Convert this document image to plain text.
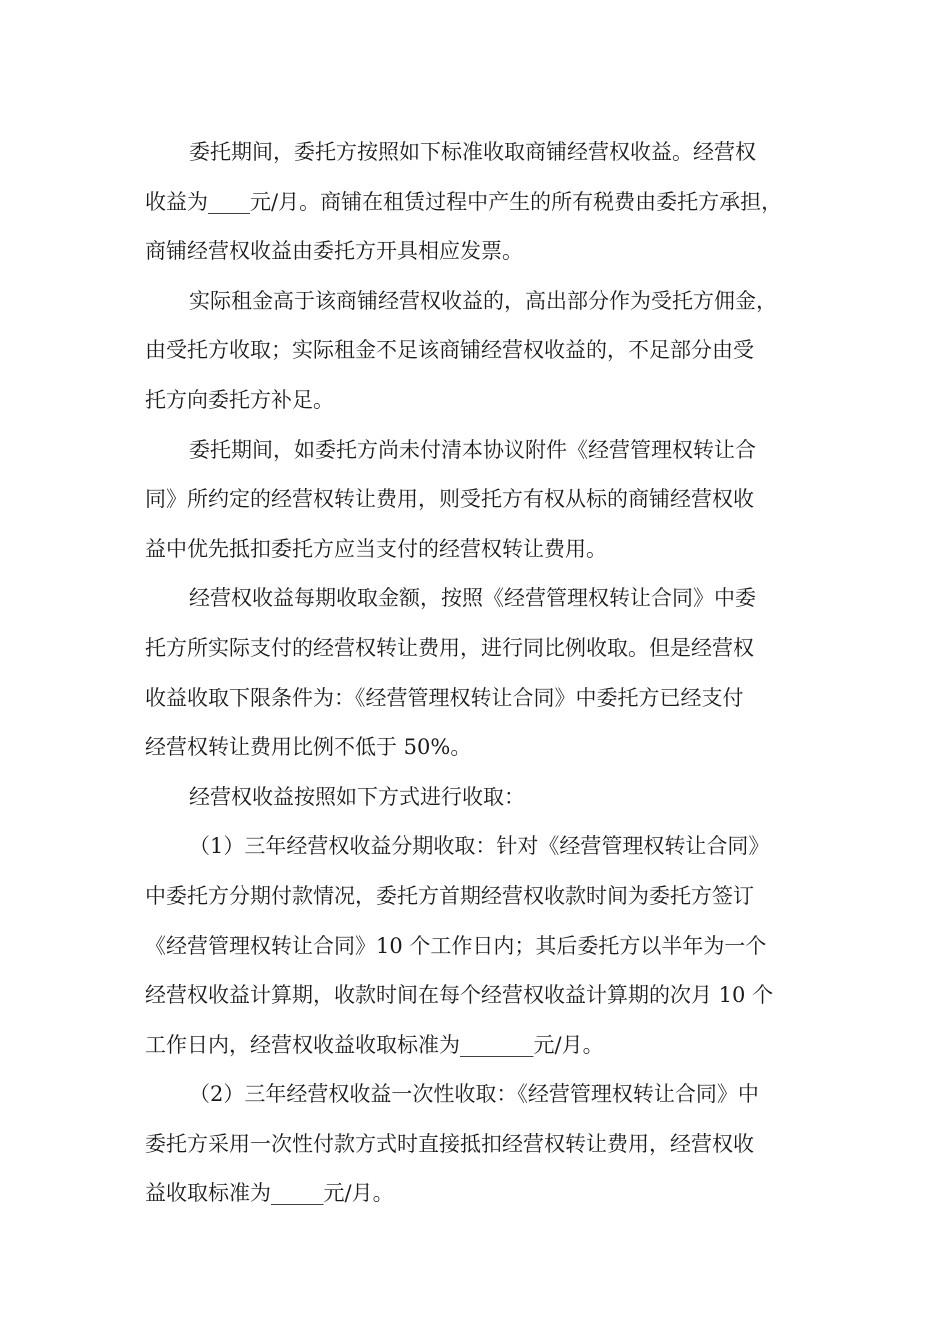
委托期间，委托方按照如下标准收取商铺经营权收益。经营权
收益为____元/月。商铺在租赁过程中产生的所有税费由委托方承担，
商铺经营权收益由委托方开具相应发票。
实际租金高于该商铺经营权收益的，高出部分作为受托方佣金，
由受托方收取；实际租金不足该商铺经营权收益的，不足部分由受
托方向委托方补足。
委托期间，如委托方尚未付清本协议附件《经营管理权转让合
同》所约定的经营权转让费用，则受托方有权从标的商铺经营权收
益中优先抵扣委托方应当支付的经营权转让费用。
经营权收益每期收取金额，按照《经营管理权转让合同》中委
托方所实际支付的经营权转让费用，进行同比例收取。但是经营权
收益收取下限条件为：《经营管理权转让合同》中委托方已经支付
经营权转让费用比例不低于 50%。
经营权收益按照如下方式进行收取：
（1）三年经营权收益分期收取：针对《经营管理权转让合同》
中委托方分期付款情况，委托方首期经营权收款时间为委托方签订
《经营管理权转让合同》10 个工作日内；其后委托方以半年为一个
经营权收益计算期，收款时间在每个经营权收益计算期的次月 10 个
工作日内，经营权收益收取标准为_______元/月。
（2）三年经营权收益一次性收取：《经营管理权转让合同》中
委托方采用一次性付款方式时直接抵扣经营权转让费用，经营权收
益收取标准为_____元/月。
